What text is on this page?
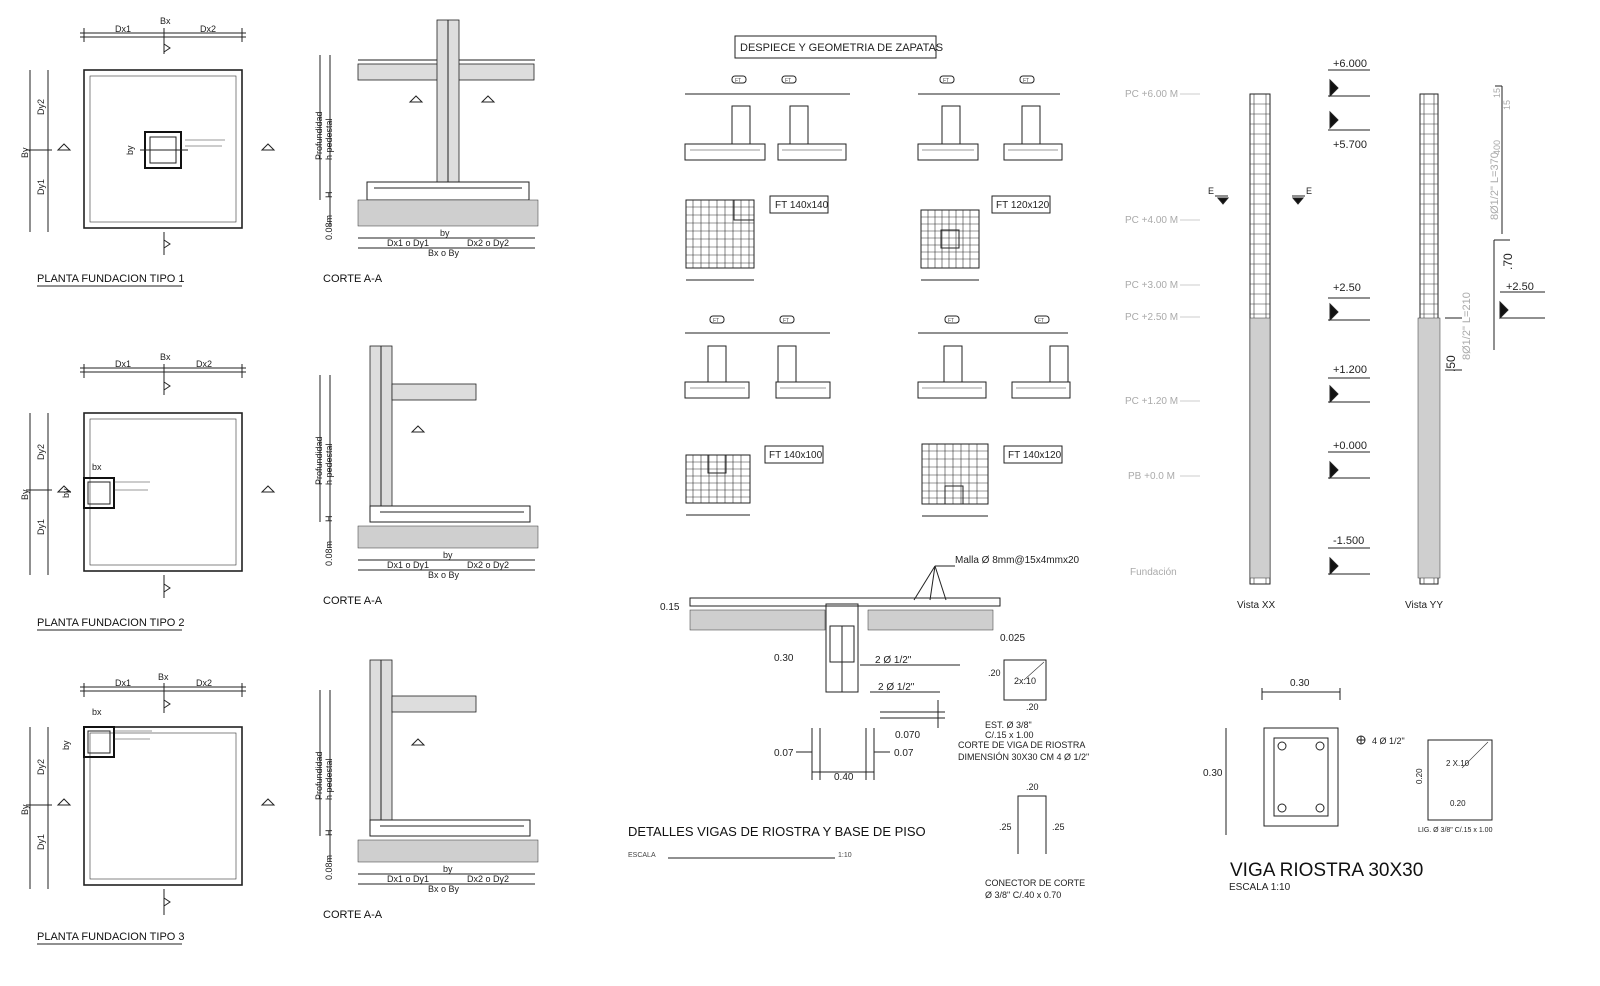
Bx
Dx1	Dx2
by
By
Dy2
Dy1
PLANTA FUNDACION TIPO 1
Bx
Dx1	Dx2
bx
by
By
Dy2
Dy1
PLANTA FUNDACION TIPO 2
Bx
Dx1	Dx2
bx
by
By
Dy2
Dy1
PLANTA FUNDACION TIPO 3
Profundidad h pedestal
H
0.08m	by
Dx1 o Dy1	Dx2 o Dy2
Bx o By
CORTE A-A
Profundidad h pedestal
H
0.08m	by
Dx1 o Dy1	Dx2 o Dy2
Bx o By
CORTE A-A
Profundidad h pedestal
H
0.08m	by
Dx1 o Dy1	Dx2 o Dy2
Bx o By
CORTE A-A
DESPIECE Y GEOMETRIA DE ZAPATAS
FT	FT
FT 140x140
FT	FT
FT 120x120
FT	FT
FT 140x100
FT	FT
FT 140x120
Malla Ø 8mm@15x4mmx20
0.15
0.30
0.025
2 Ø 1/2"
2 Ø 1/2"
0.070
0.07	0.07
0.40
.20
2x.10
.20
EST. Ø 3/8"
C/.15 x 1.00
CORTE DE VIGA DE RIOSTRA
DIMENSIÓN 30X30 CM 4 Ø 1/2"
.20
.25	.25
CONECTOR DE CORTE
Ø 3/8" C/.40 x 0.70
DETALLES VIGAS DE RIOSTRA Y BASE DE PISO
ESCALA	1:10
PC +6.00 M
PC +4.00 M
PC +3.00 M
PC +2.50 M
PC +1.20 M
PB +0.0 M
Fundación
+6.000
+5.700
+2.50
+1.200
+0.000
-1.500
E	E
Vista XX
.50
8Ø1/2" L=210
.70
8Ø1/2" L=370
15
15
400
+2.50
Vista YY
0.30
0.30
4 Ø 1/2"
2 X.10
0.20
0.20
LIG. Ø 3/8" C/.15 x 1.00
VIGA RIOSTRA 30X30
ESCALA 1:10
